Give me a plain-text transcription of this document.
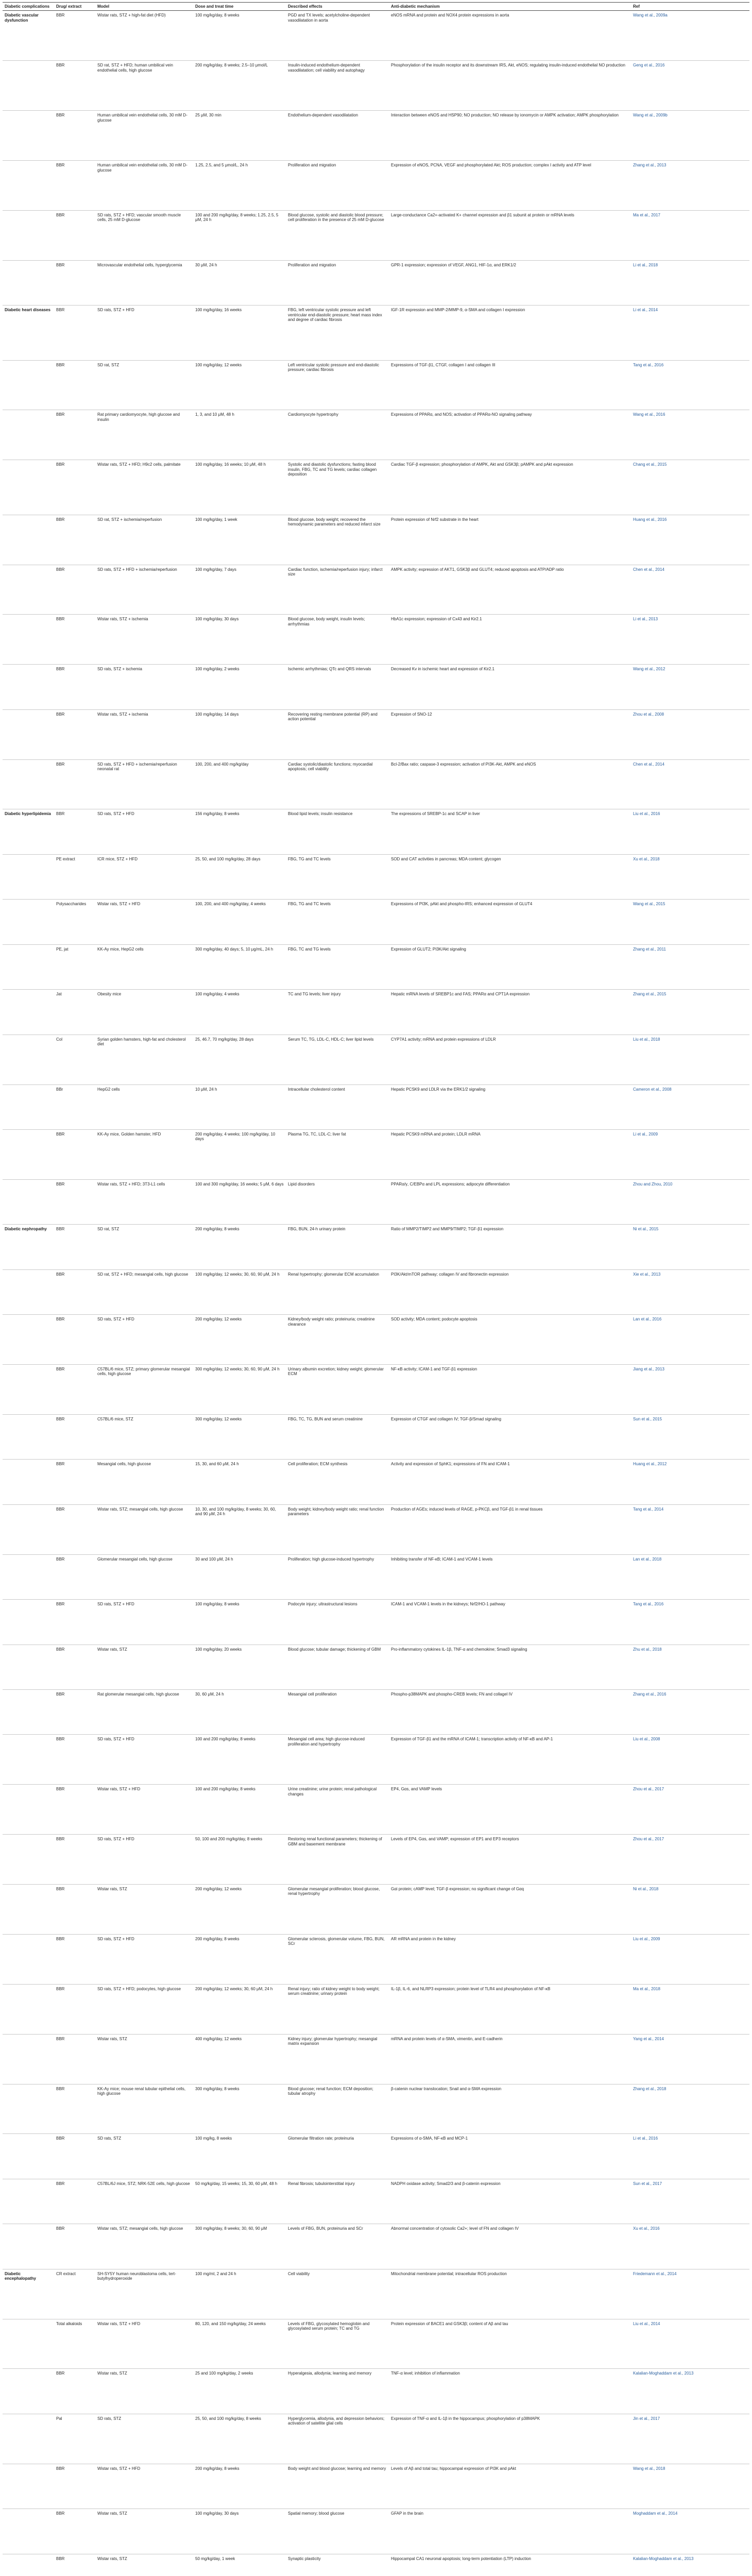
Diabetic complications	Drug/ extract	Model	Dose and treat time	Described effects	Anti-diabetic mechanism	Ref
Diabetic vascular dysfunction	BBR	Wistar rats, STZ + high-fat diet (HFD)	100 mg/kg/day, 8 weeks	PGD and TX levels; acetylcholine-dependent vasodilatation in aorta	eNOS mRNA and protein and NOX4 protein expressions in aorta	Wang et al., 2009a
	BBR	SD rat, STZ + HFD; human umbilical vein endothelial cells, high glucose	200 mg/kg/day, 8 weeks; 2.5–10 μmol/L	Insulin-induced endothelium-dependent vasodilatation; cell viability and autophagy	Phosphorylation of the insulin receptor and its downstream IRS, Akt, eNOS; regulating insulin-induced endothelial NO production	Geng et al., 2016
	BBR	Human umbilical vein endothelial cells, 30 mM D-glucose	25 μM, 30 min	Endothelium-dependent vasodilatation	Interaction between eNOS and HSP90; NO production; NO release by ionomycin or AMPK activation; AMPK phosphorylation	Wang et al., 2009b
	BBR	Human umbilical vein endothelial cells, 30 mM D-glucose	1.25, 2.5, and 5 μmol/L, 24 h	Proliferation and migration	Expression of eNOS, PCNA, VEGF and phosphorylated Akt; ROS production; complex I activity and ATP level	Zhang et al., 2013
	BBR	SD rats, STZ + HFD; vascular smooth muscle cells, 25 mM D-glucose	100 and 200 mg/kg/day, 8 weeks; 1.25, 2.5, 5 μM, 24 h	Blood glucose, systolic and diastolic blood pressure; cell proliferation in the presence of 25 mM D-glucose	Large-conductance Ca2+-activated K+ channel expression and β1 subunit at protein or mRNA levels	Ma et al., 2017
	BBR	Microvascular endothelial cells, hyperglycemia	30 μM, 24 h	Proliferation and migration	GPR-1 expression; expression of VEGF, ANG1, HIF-1α, and ERK1/2	Li et al., 2018
Diabetic heart diseases	BBR	SD rats, STZ + HFD	100 mg/kg/day, 16 weeks	FBG, left ventricular systolic pressure and left ventricular end-diastolic pressure; heart mass index and degree of cardiac fibrosis	IGF-1R expression and MMP-2/MMP-9, α-SMA and collagen I expression	Li et al., 2014
	BBR	SD rat, STZ	100 mg/kg/day, 12 weeks	Left ventricular systolic pressure and end-diastolic pressure; cardiac fibrosis	Expressions of TGF-β1, CTGF, collagen I and collagen III	Tang et al., 2016
	BBR	Rat primary cardiomyocyte, high glucose and insulin	1, 3, and 10 μM, 48 h	Cardiomyocyte hypertrophy	Expressions of PPARα, and NOS; activation of PPARα-NO signaling pathway	Wang et al., 2016
	BBR	Wistar rats, STZ + HFD; H9c2 cells, palmitate	100 mg/kg/day, 16 weeks; 10 μM, 48 h	Systolic and diastolic dysfunctions; fasting blood insulin, FBG, TC and TG levels; cardiac collagen deposition	Cardiac TGF-β expression; phosphorylation of AMPK, Akt and GSK3β; pAMPK and pAkt expression	Chang et al., 2015
	BBR	SD rat, STZ + ischemia/reperfusion	100 mg/kg/day, 1 week	Blood glucose, body weight; recovered the hemodynamic parameters and reduced infarct size	Protein expression of Nrf2 substrate in the heart	Huang et al., 2016
	BBR	SD rats, STZ + HFD + ischemia/reperfusion	100 mg/kg/day, 7 days	Cardiac function, ischemia/reperfusion injury; infarct size	AMPK activity; expression of AKT1, GSK3β and GLUT4; reduced apoptosis and ATP/ADP ratio	Chen et al., 2014
	BBR	Wistar rats, STZ + ischemia	100 mg/kg/day, 30 days	Blood glucose, body weight, insulin levels; arrhythmias	HbA1c expression; expression of Cx43 and Kir2.1	Li et al., 2013
	BBR	SD rats, STZ + ischemia	100 mg/kg/day, 2 weeks	Ischemic arrhythmias; QTc and QRS intervals	Decreased Kv in ischemic heart and expression of Kir2.1	Wang et al., 2012
	BBR	Wistar rats, STZ + ischemia	100 mg/kg/day, 14 days	Recovering resting membrane potential (RP) and action potential	Expression of SNO-12	Zhou et al., 2008
	BBR	SD rats, STZ + HFD + ischemia/reperfusion neonatal rat	100, 200, and 400 mg/kg/day	Cardiac systolic/diastolic functions; myocardial apoptosis; cell viability	Bcl-2/Bax ratio; caspase-3 expression; activation of PI3K-Akt, AMPK and eNOS	Chen et al., 2014
Diabetic hyperlipidemia	BBR	SD rats, STZ + HFD	156 mg/kg/day, 8 weeks	Blood lipid levels; insulin resistance	The expressions of SREBP-1c and SCAP in liver	Liu et al., 2016
	PE extract	ICR mice, STZ + HFD	25, 50, and 100 mg/kg/day, 28 days	FBG, TG and TC levels	SOD and CAT activities in pancreas; MDA content; glycogen	Xu et al., 2018
	Polysaccharides	Wistar rats, STZ + HFD	100, 200, and 400 mg/kg/day, 4 weeks	FBG, TG and TC levels	Expressions of PI3K, pAkt and phospho-IRS; enhanced expression of GLUT4	Wang et al., 2015
	PE, jat	KK-Ay mice, HepG2 cells	300 mg/kg/day, 40 days; 5, 10 μg/mL, 24 h	FBG, TC and TG levels	Expression of GLUT2; PI3K/Akt signaling	Zhang et al., 2011
	Jat	Obesity mice	100 mg/kg/day, 4 weeks	TC and TG levels; liver injury	Hepatic mRNA levels of SREBP1c and FAS; PPARα and CPT1A expression	Zhang et al., 2015
	Col	Syrian golden hamsters, high-fat and cholesterol diet	25, 46.7, 70 mg/kg/day, 28 days	Serum TC, TG, LDL-C, HDL-C; liver lipid levels	CYP7A1 activity; mRNA and protein expressions of LDLR	Liu et al., 2018
	BBr	HepG2 cells	10 μM, 24 h	Intracellular cholesterol content	Hepatic PCSK9 and LDLR via the ERK1/2 signaling	Cameron et al., 2008
	BBR	KK-Ay mice, Golden hamster, HFD	200 mg/kg/day, 4 weeks; 100 mg/kg/day, 10 days	Plasma TG, TC, LDL-C; liver fat	Hepatic PCSK9 mRNA and protein; LDLR mRNA	Li et al., 2009
	BBR	Wistar rats, STZ + HFD; 3T3-L1 cells	100 and 300 mg/kg/day, 16 weeks; 5 μM, 6 days	Lipid disorders	PPARα/γ, C/EBPα and LPL expressions; adipocyte differentiation	Zhou and Zhou, 2010
Diabetic nephropathy	BBR	SD rat, STZ	200 mg/kg/day, 8 weeks	FBG, BUN, 24-h urinary protein	Ratio of MMP2/TIMP2 and MMP9/TIMP2; TGF-β1 expression	Ni et al., 2015
	BBR	SD rat, STZ + HFD; mesangial cells, high glucose	100 mg/kg/day, 12 weeks; 30, 60, 90 μM, 24 h	Renal hypertrophy; glomerular ECM accumulation	PI3K/Akt/mTOR pathway; collagen IV and fibronectin expression	Xie et al., 2013
	BBR	SD rats, STZ + HFD	200 mg/kg/day, 12 weeks	Kidney/body weight ratio; proteinuria; creatinine clearance	SOD activity; MDA content; podocyte apoptosis	Lan et al., 2016
	BBR	C57BL/6 mice, STZ; primary glomerular mesangial cells, high glucose	300 mg/kg/day, 12 weeks; 30, 60, 90 μM, 24 h	Urinary albumin excretion; kidney weight; glomerular ECM	NF-κB activity; ICAM-1 and TGF-β1 expression	Jiang et al., 2013
	BBR	C57BL/6 mice, STZ	300 mg/kg/day, 12 weeks	FBG, TC, TG, BUN and serum creatinine	Expression of CTGF and collagen IV; TGF-β/Smad signaling	Sun et al., 2015
	BBR	Mesangial cells, high glucose	15, 30, and 60 μM, 24 h	Cell proliferation; ECM synthesis	Activity and expression of SphK1; expressions of FN and ICAM-1	Huang et al., 2012
	BBR	Wistar rats, STZ; mesangial cells, high glucose	10, 30, and 100 mg/kg/day, 8 weeks; 30, 60, and 90 μM, 24 h	Body weight; kidney/body weight ratio; renal function parameters	Production of AGEs; induced levels of RAGE, p-PKCβ, and TGF-β1 in renal tissues	Tang et al., 2014
	BBR	Glomerular mesangial cells, high glucose	30 and 100 μM, 24 h	Proliferation; high glucose-induced hypertrophy	Inhibiting transfer of NF-κB; ICAM-1 and VCAM-1 levels	Lan et al., 2018
	BBR	SD rats, STZ + HFD	100 mg/kg/day, 8 weeks	Podocyte injury; ultrastructural lesions	ICAM-1 and VCAM-1 levels in the kidneys; Nrf2/HO-1 pathway	Tang et al., 2016
	BBR	Wistar rats, STZ	100 mg/kg/day, 20 weeks	Blood glucose; tubular damage; thickening of GBM	Pro-inflammatory cytokines IL-1β, TNF-α and chemokine; Smad3 signaling	Zhu et al., 2018
	BBR	Rat glomerular mesangial cells, high glucose	30, 60 μM, 24 h	Mesangial cell proliferation	Phospho-p38MAPK and phospho-CREB levels; FN and collagel IV	Zhang et al., 2016
	BBR	SD rats, STZ + HFD	100 and 200 mg/kg/day, 8 weeks	Mesangial cell area; high glucose-induced proliferation and hypertrophy	Expression of TGF-β1 and the mRNA of ICAM-1; transcription activity of NF-κB and AP-1	Liu et al., 2008
	BBR	Wistar rats, STZ + HFD	100 and 200 mg/kg/day, 8 weeks	Urine creatinine; urine protein; renal pathological changes	EP4, Gαs, and VAMP levels	Zhou et al., 2017
	BBR	SD rats, STZ + HFD	50, 100 and 200 mg/kg/day, 8 weeks	Restoring renal functional parameters; thickening of GBM and basement membrane	Levels of EP4, Gαs, and VAMP; expression of EP1 and EP3 receptors	Zhou et al., 2017
	BBR	Wistar rats, STZ	200 mg/kg/day, 12 weeks	Glomerular mesangial proliferation; blood glucose, renal hypertrophy	Gαi protein; cAMP level; TGF-β expression; no significant change of Gαq	Ni et al., 2018
	BBR	SD rats, STZ + HFD	200 mg/kg/day, 8 weeks	Glomerular sclerosis, glomerular volume, FBG, BUN, SCr	AR mRNA and protein in the kidney	Liu et al., 2009
	BBR	SD rats, STZ + HFD; podocytes, high glucose	200 mg/kg/day, 12 weeks; 30, 60 μM, 24 h	Renal injury; ratio of kidney weight to body weight; serum creatinine; urinary protein	IL-1β, IL-6, and NLRP3 expression; protein level of TLR4 and phosphorylation of NF-κB	Ma et al., 2018
	BBR	Wistar rats, STZ	400 mg/kg/day, 12 weeks	Kidney injury; glomerular hypertrophy; mesangial matrix expansion	mRNA and protein levels of α-SMA, vimentin, and E-cadherin	Yang et al., 2014
	BBR	KK-Ay mice; mouse renal tubular epithelial cells, high glucose	300 mg/kg/day, 8 weeks	Blood glucose; renal function; ECM deposition; tubular atrophy	β-catenin nuclear translocation; Snail and α-SMA expression	Zhang et al., 2018
	BBR	SD rats, STZ	100 mg/kg, 8 weeks	Glomerular filtration rate; proteinuria	Expressions of α-SMA, NF-κB and MCP-1	Li et al., 2016
	BBR	C57BL/6J mice, STZ; NRK-52E cells, high glucose	50 mg/kg/day, 15 weeks; 15, 30, 60 μM, 48 h	Renal fibrosis; tubulointerstitial injury	NADPH oxidase activity; Smad2/3 and β-catenin expression	Sun et al., 2017
	BBR	Wistar rats, STZ; mesangial cells, high glucose	300 mg/kg/day, 8 weeks; 30, 60, 90 μM	Levels of FBG, BUN, proteinuria and SCr	Abnormal concentration of cytosolic Ca2+; level of FN and collagen IV	Xu et al., 2016
Diabetic encephalopathy	CR extract	SH-SY5Y human neuroblastoma cells, tert-butylhydroperoxide	100 mg/ml, 2 and 24 h	Cell viability	Mitochondrial membrane potential; intracellular ROS production	Friedemann et al., 2014
	Total alkaloids	Wistar rats, STZ + HFD	80, 120, and 150 mg/kg/day, 24 weeks	Levels of FBG, glycosylated hemoglobin and glycosylated serum protein; TC and TG	Protein expression of BACE1 and GSK3β; content of Aβ and tau	Liu et al., 2014
	BBR	Wistar rats, STZ	25 and 100 mg/kg/day, 2 weeks	Hyperalgesia, allodynia; learning and memory	TNF-α level; inhibition of inflammation	Kalalian-Moghaddam et al., 2013
	Pal	SD rats, STZ	25, 50, and 100 mg/kg/day, 8 weeks	Hyperglycemia, allodynia, and depression behaviors; activation of satellite glial cells	Expression of TNF-α and IL-1β in the hippocampus; phosphorylation of p38MAPK	Jin et al., 2017
	BBR	Wistar rats, STZ + HFD	200 mg/kg/day, 8 weeks	Body weight and blood glucose; learning and memory	Levels of Aβ and total tau; hippocampal expression of PI3K and pAkt	Wang et al., 2018
	BBR	Wistar rats, STZ	100 mg/kg/day, 30 days	Spatial memory; blood glucose	GFAP in the brain	Moghaddam et al., 2014
	BBR	Wistar rats, STZ	50 mg/kg/day, 1 week	Synaptic plasticity	Hippocampal CA1 neuronal apoptosis; long-term potentiation (LTP) induction	Kalalian-Moghaddam et al., 2013
